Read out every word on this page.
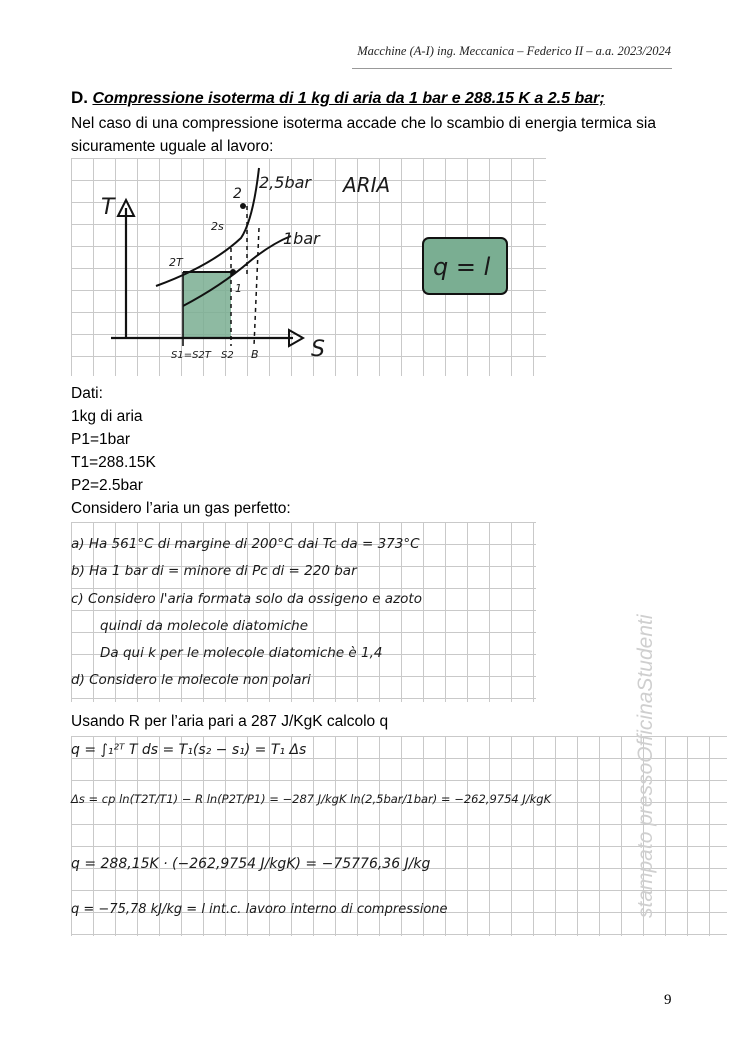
Macchine (A-I) ing. Meccanica – Federico II – a.a. 2023/2024
D. Compressione isoterma di 1 kg di aria da 1 bar e 288.15 K a 2.5 bar;
Nel caso di una compressione isoterma accade che lo scambio di energia termica sia
sicuramente uguale al lavoro:
T
S
2
2s
2T
1
2,5bar
1bar
ARIA
S1=S2T S2 B
q = l
Dati:
1kg di aria
P1=1bar
T1=288.15K
P2=2.5bar
Considero l’aria un gas perfetto:
a) Ha 561°C di margine di 200°C dai Tc da = 373°C
b) Ha 1 bar di = minore di Pc di = 220 bar
c) Considero l'aria formata solo da ossigeno e azoto
quindi da molecole diatomiche
Da qui k per le molecole diatomiche è 1,4
d) Considero le molecole non polari
Usando R per l’aria pari a 287 J/KgK calcolo q
q = ∫₁²ᵀ T ds = T₁(s₂ − s₁) = T₁ Δs
Δs = cp ln(T2T/T1) − R ln(P2T/P1) = −287 J/kgK ln(2,5bar/1bar) = −262,9754 J/kgK
q = 288,15K · (−262,9754 J/kgK) = −75776,36 J/kg
q = −75,78 kJ/kg = l int.c. lavoro interno di compressione	stampato pressoOfficinaStudenti
9
